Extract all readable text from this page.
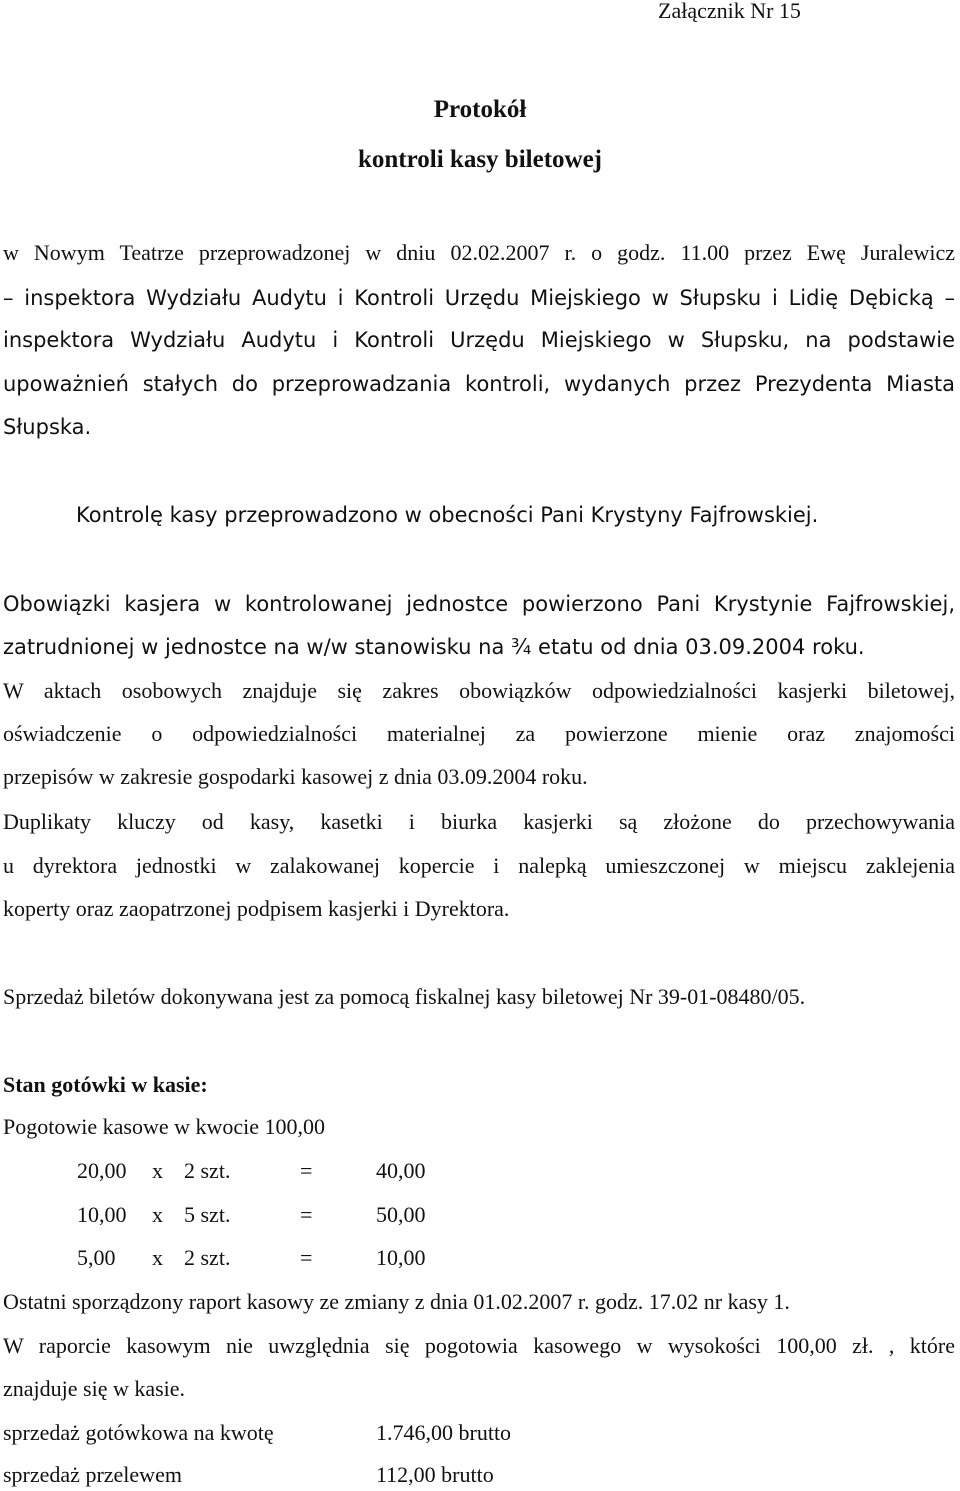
Załącznik Nr 15
Protokół
kontroli kasy biletowej
w Nowym Teatrze przeprowadzonej w dniu 02.02.2007 r. o godz. 11.00 przez Ewę Juralewicz
– inspektora Wydziału Audytu i Kontroli Urzędu Miejskiego w Słupsku i Lidię Dębicką –
inspektora Wydziału Audytu i Kontroli Urzędu Miejskiego w Słupsku, na podstawie
upoważnień stałych do przeprowadzania kontroli, wydanych przez Prezydenta Miasta
Słupska.
Kontrolę kasy przeprowadzono w obecności Pani Krystyny Fajfrowskiej.
Obowiązki kasjera w kontrolowanej jednostce powierzono Pani Krystynie Fajfrowskiej,
zatrudnionej w jednostce na w/w stanowisku na ¾ etatu od dnia 03.09.2004 roku.
W aktach osobowych znajduje się zakres obowiązków odpowiedzialności kasjerki biletowej,
oświadczenie o odpowiedzialności materialnej za powierzone mienie oraz znajomości
przepisów w zakresie gospodarki kasowej z dnia 03.09.2004 roku.
Duplikaty kluczy od kasy, kasetki i biurka kasjerki są złożone do przechowywania
u dyrektora jednostki w zalakowanej kopercie i nalepką umieszczonej w miejscu zaklejenia
koperty oraz zaopatrzonej podpisem kasjerki i Dyrektora.
Sprzedaż biletów dokonywana jest za pomocą fiskalnej kasy biletowej Nr 39-01-08480/05.
Stan gotówki w kasie:
Pogotowie kasowe w kwocie 100,00
20,00 x 2 szt.	=	40,00
10,00 x 5 szt.	=	50,00
5,00 x 2 szt.	=	10,00
Ostatni sporządzony raport kasowy ze zmiany z dnia 01.02.2007 r. godz. 17.02 nr kasy 1.
W raporcie kasowym nie uwzględnia się pogotowia kasowego w wysokości 100,00 zł. , które
znajduje się w kasie.
sprzedaż gotówkowa na kwotę	1.746,00 brutto
sprzedaż przelewem	112,00 brutto
